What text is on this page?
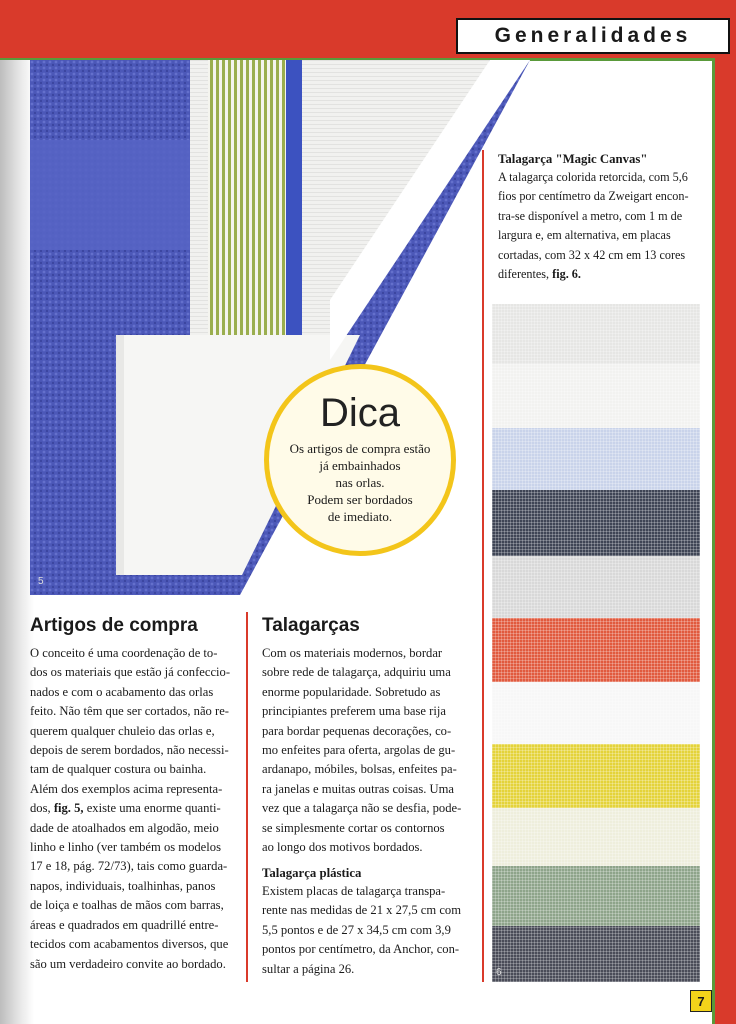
Generalidades
5
Dica
Os artigos de compra estão
já embainhados
nas orlas.
Podem ser bordados
de imediato.
Talagarça "Magic Canvas"
A talagarça colorida retorcida, com 5,6
fios por centímetro da Zweigart encon-
tra-se disponível a metro, com 1 m de
largura e, em alternativa, em placas
cortadas, com 32 x 42 cm em 13 cores
diferentes, fig. 6.
6
Artigos de compra
O conceito é uma coordenação de to-
dos os materiais que estão já confeccio-
nados e com o acabamento das orlas
feito. Não têm que ser cortados, não re-
querem qualquer chuleio das orlas e,
depois de serem bordados, não necessi-
tam de qualquer costura ou bainha.
Além dos exemplos acima representa-
dos, fig. 5, existe uma enorme quanti-
dade de atoalhados em algodão, meio
linho e linho (ver também os modelos
17 e 18, pág. 72/73), tais como guarda-
napos, individuais, toalhinhas, panos
de loiça e toalhas de mãos com barras,
áreas e quadrados em quadrillé entre-
tecidos com acabamentos diversos, que
são um verdadeiro convite ao bordado.
Talagarças
Com os materiais modernos, bordar
sobre rede de talagarça, adquiriu uma
enorme popularidade. Sobretudo as
principiantes preferem uma base rija
para bordar pequenas decorações, co-
mo enfeites para oferta, argolas de gu-
ardanapo, móbiles, bolsas, enfeites pa-
ra janelas e muitas outras coisas. Uma
vez que a talagarça não se desfia, pode-
se simplesmente cortar os contornos
ao longo dos motivos bordados.
Talagarça plástica
Existem placas de talagarça transpa-
rente nas medidas de 21 x 27,5 cm com
5,5 pontos e de 27 x 34,5 cm com 3,9
pontos por centímetro, da Anchor, con-
sultar a página 26.
7
